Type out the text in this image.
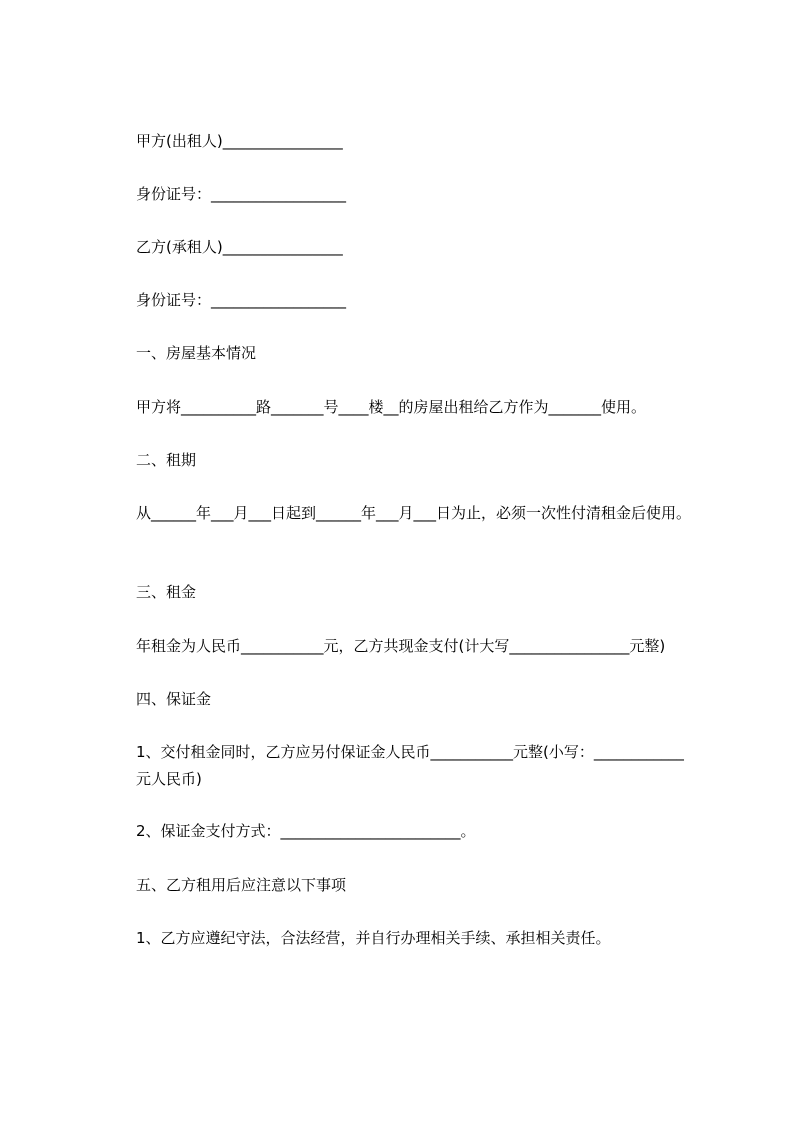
甲方(出租人)________________
身份证号：__________________
乙方(承租人)________________
身份证号：__________________
一、房屋基本情况
甲方将__________路_______号____楼__的房屋出租给乙方作为_______使用。
二、租期
从______年___月___日起到______年___月___日为止，必须一次性付清租金后使用。
三、租金
年租金为人民币___________元，乙方共现金支付(计大写________________元整)
四、保证金
1、交付租金同时，乙方应另付保证金人民币___________元整(小写：____________元人民币)
2、保证金支付方式：________________________。
五、乙方租用后应注意以下事项
1、乙方应遵纪守法，合法经营，并自行办理相关手续、承担相关责任。
